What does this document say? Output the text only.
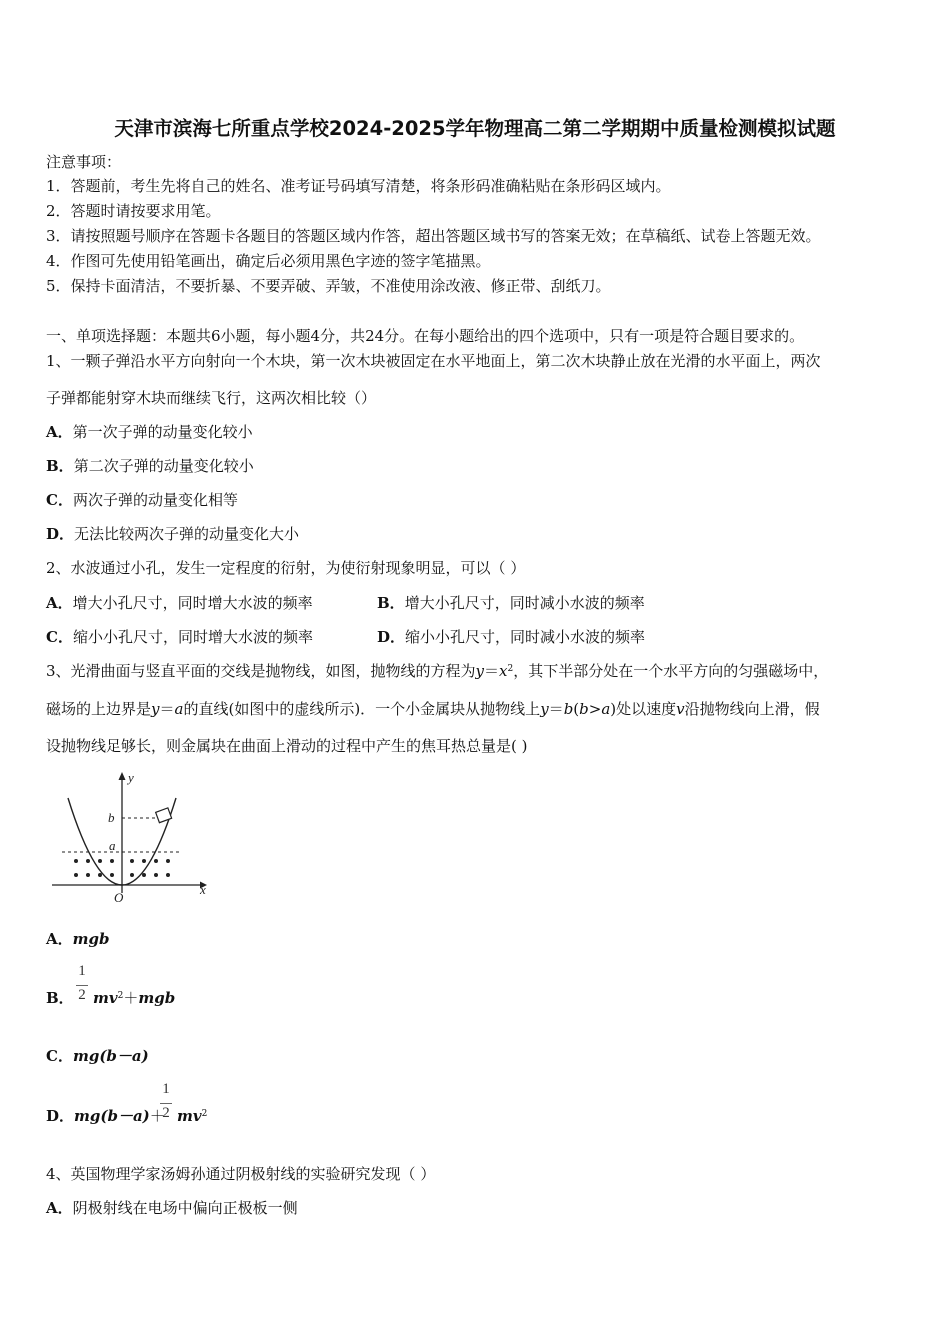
天津市滨海七所重点学校2024-2025学年物理高二第二学期期中质量检测模拟试题
注意事项：
1．答题前，考生先将自己的姓名、准考证号码填写清楚，将条形码准确粘贴在条形码区域内。
2．答题时请按要求用笔。
3．请按照题号顺序在答题卡各题目的答题区域内作答，超出答题区域书写的答案无效；在草稿纸、试卷上答题无效。
4．作图可先使用铅笔画出，确定后必须用黑色字迹的签字笔描黑。
5．保持卡面清洁，不要折暴、不要弄破、弄皱，不准使用涂改液、修正带、刮纸刀。
一、单项选择题：本题共6小题，每小题4分，共24分。在每小题给出的四个选项中，只有一项是符合题目要求的。
1、一颗子弹沿水平方向射向一个木块，第一次木块被固定在水平地面上，第二次木块静止放在光滑的水平面上，两次
子弹都能射穿木块而继续飞行，这两次相比较（）
A．第一次子弹的动量变化较小
B．第二次子弹的动量变化较小
C．两次子弹的动量变化相等
D．无法比较两次子弹的动量变化大小
2、水波通过小孔，发生一定程度的衍射，为使衍射现象明显，可以（ ）
A．增大小孔尺寸，同时增大水波的频率	B．增大小孔尺寸，同时减小水波的频率
C．缩小小孔尺寸，同时增大水波的频率	D．缩小小孔尺寸，同时减小水波的频率
3、光滑曲面与竖直平面的交线是抛物线，如图，抛物线的方程为$y=x^2$，其下半部分处在一个水平方向的匀强磁场中，
磁场的上边界是y＝a的直线(如图中的虚线所示)．一个小金属块从抛物线上y＝b(b>a)处以速度v沿抛物线向上滑，假
设抛物线足够长，则金属块在曲面上滑动的过程中产生的焦耳热总量是( )
y
x
O
a
b
A．mgb
B．
1
2 $mv^2+mgb$
C．mg(b－a)
D．mg(b－a)＋
1
2 $mv^2$
4、英国物理学家汤姆孙通过阴极射线的实验研究发现（ ）
A．阴极射线在电场中偏向正极板一侧
